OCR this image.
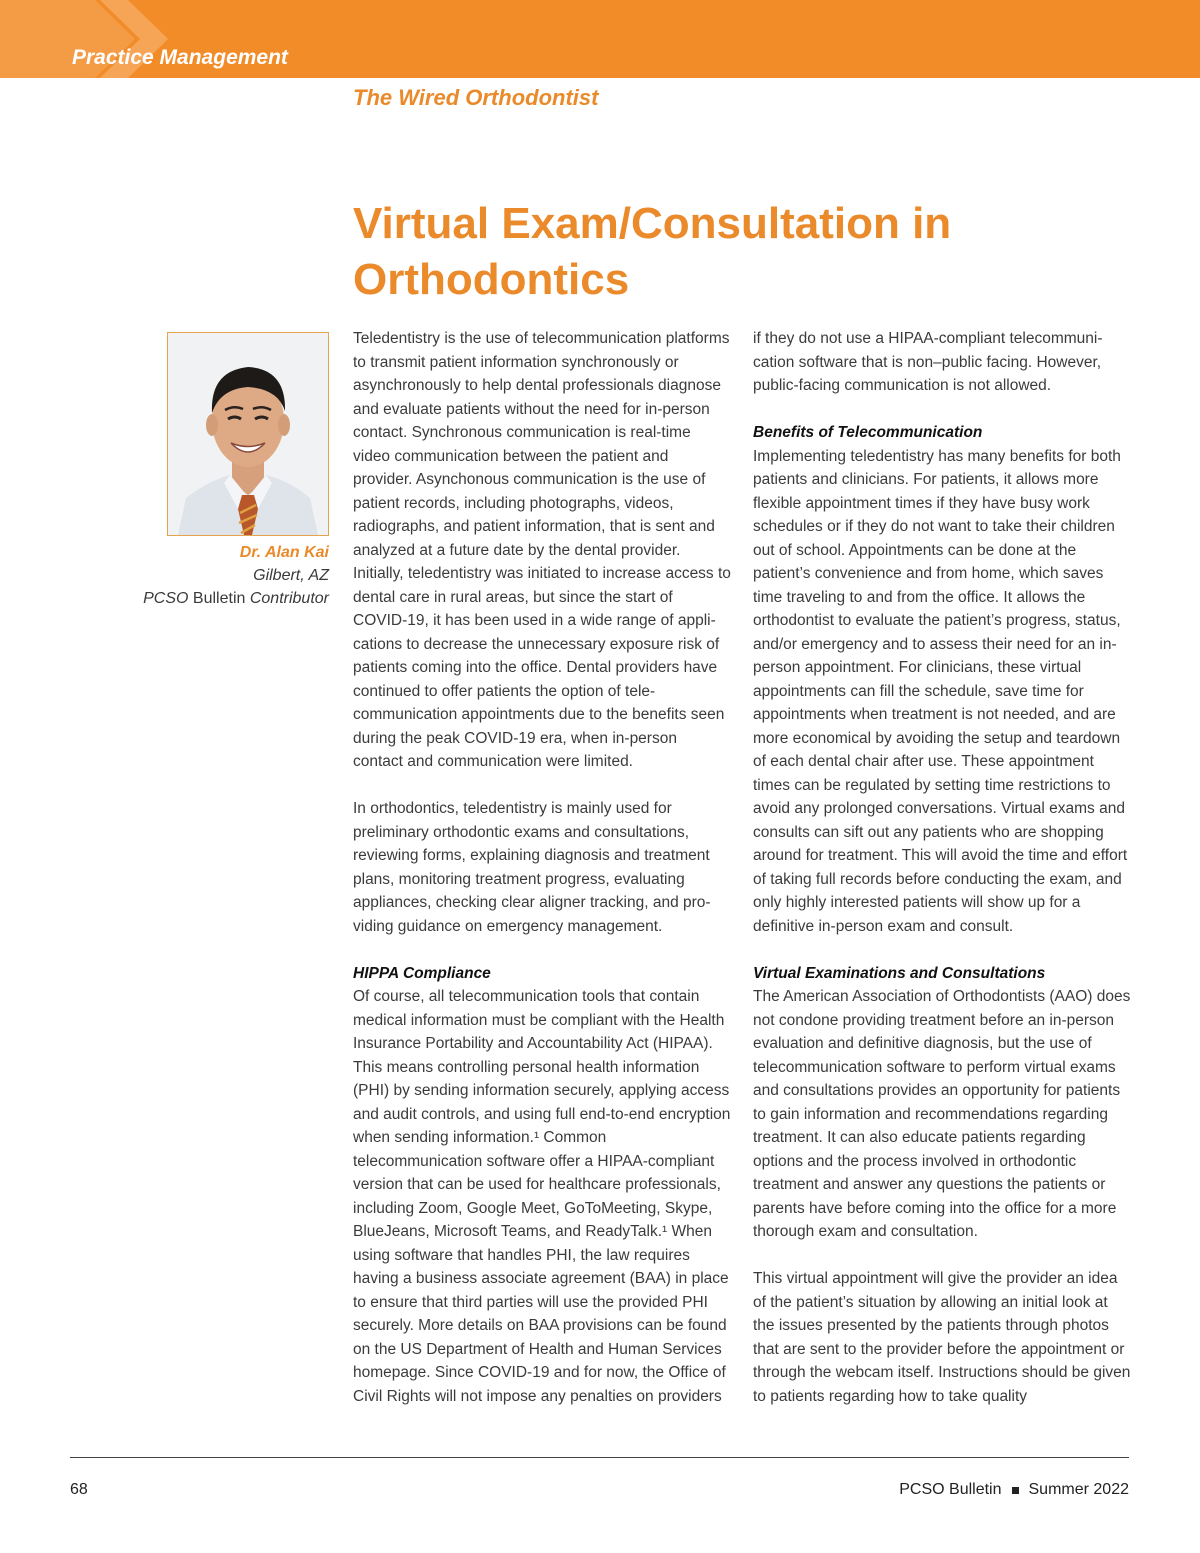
Practice Management
The Wired Orthodontist
Virtual Exam/Consultation in Orthodontics
Dr. Alan Kai
Gilbert, AZ
PCSO Bulletin Contributor

Teledentistry is the use of telecommunication platforms to transmit patient information synchronously or asynchronously to help dental professionals diagnose and evaluate patients without the need for in-person contact. Synchronous communication is real-time video communication between the patient and provider. Asynchonous communication is the use of patient records, including photographs, videos, radiographs, and patient information, that is sent and analyzed at a future date by the dental provider. Initially, teledentistry was initiated to increase access to dental care in rural areas, but since the start of COVID-19, it has been used in a wide range of applications to decrease the unnecessary exposure risk of patients coming into the office. Dental providers have continued to offer patients the option of telecommunication appointments due to the benefits seen during the peak COVID-19 era, when in-person contact and communication were limited.

In orthodontics, teledentistry is mainly used for preliminary orthodontic exams and consultations, reviewing forms, explaining diagnosis and treatment plans, monitoring treatment progress, evaluating appliances, checking clear aligner tracking, and providing guidance on emergency management.

HIPPA Compliance

Of course, all telecommunication tools that contain medical information must be compliant with the Health Insurance Portability and Accountability Act (HIPAA). This means controlling personal health information (PHI) by sending information securely, applying access and audit controls, and using full end-to-end encryption when sending information.¹ Common telecommunication software offer a HIPAA-compliant version that can be used for healthcare professionals, including Zoom, Google Meet, GoToMeeting, Skype, BlueJeans, Microsoft Teams, and ReadyTalk.¹ When using software that handles PHI, the law requires having a business associate agreement (BAA) in place to ensure that third parties will use the provided PHI securely. More details on BAA provisions can be found on the US Department of Health and Human Services homepage. Since COVID-19 and for now, the Office of Civil Rights will not impose any penalties on providers

if they do not use a HIPAA-compliant telecommunication software that is non–public facing. However, public-facing communication is not allowed.

Benefits of Telecommunication

Implementing teledentistry has many benefits for both patients and clinicians. For patients, it allows more flexible appointment times if they have busy work schedules or if they do not want to take their children out of school. Appointments can be done at the patient’s convenience and from home, which saves time traveling to and from the office. It allows the orthodontist to evaluate the patient’s progress, status, and/or emergency and to assess their need for an in-person appointment. For clinicians, these virtual appointments can fill the schedule, save time for appointments when treatment is not needed, and are more economical by avoiding the setup and teardown of each dental chair after use. These appointment times can be regulated by setting time restrictions to avoid any prolonged conversations. Virtual exams and consults can sift out any patients who are shopping around for treatment. This will avoid the time and effort of taking full records before conducting the exam, and only highly interested patients will show up for a definitive in-person exam and consult.

Virtual Examinations and Consultations

The American Association of Orthodontists (AAO) does not condone providing treatment before an in-person evaluation and definitive diagnosis, but the use of telecommunication software to perform virtual exams and consultations provides an opportunity for patients to gain information and recommendations regarding treatment. It can also educate patients regarding options and the process involved in orthodontic treatment and answer any questions the patients or parents have before coming into the office for a more thorough exam and consultation.

This virtual appointment will give the provider an idea of the patient’s situation by allowing an initial look at the issues presented by the patients through photos that are sent to the provider before the appointment or through the webcam itself. Instructions should be given to patients regarding how to take quality

68	PCSO Bulletin Summer 2022
